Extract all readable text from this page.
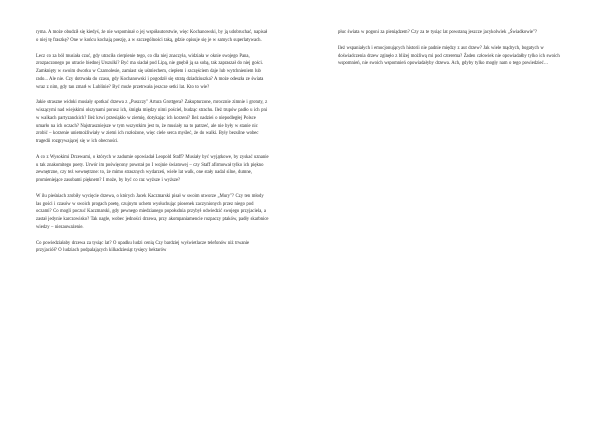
ryma. A może obudził się kiedyś, że nie wspominał o jej współautorstwie, więc Kochanowski, by ją udobruchać, napisał o niej tę fraszkę? One w końcu kochają poezję, a w szczególności taką, gdzie opisuje się je w samych superlatywach.

Lecz co za ból musiała czuć, gdy utraciła cierpienie tego, co dla niej znaczyła, widziała w oknie swojego Pana, zrozpaczonego po utracie biednej Urszulki? Być ma siadał pod Lipą, nie gnębił ją sa sobą, tak zapraszał do niej gości. Zamknięty w swoim dworku w Czarnolesie, zamiast się uśmiechem, ciepłem i szczęściem daje lub wytchnieniem lub rado... Ale nie. Czy dotrwała do czasu, gdy Kochanowski i pogodził się stratą dziadziuszka? A może odeszła ze świata wraz z nim, gdy tan zmarł w Lublinie? Być może przetrwała jeszcze setki lat. Kto to wie?

Jakie straszne widoki musiały spotkać drzewa z „Puszczy" Artura Grottgera? Zakupturzone, mrocznie zimnie i grotuty, z wiszącymi nad wiejskimi olszynami porusz ich, śmigła między nimi pościel, budząc strachu. Ileż trupów padło u ich pni w walkach partyzanckich? Ileż krwi przesiąkło w ziemię, dotykając ich korzeni? Ileż nadziei o niepodległej Polsce umarło na ich oczach? Najstraszniejsze w tym wszystkim jest to, że musiały na to patrzeć, ale nie były w stanie nic zrobić – korzenie uniemożliwiały w ziemi ich rozłożone, więc ciele serca myśleć, że do walki. Były bezsilne wobec tragedii rozgrywającej się w ich obecności.

A co z Wysokimi Drzewami, o których w zadumie opowiadał Leopold Staff? Musiały być wyjątkowe, by zyskać uznanie u tak znakomitego poety. Urwór im poświęcony powstał po I wojnie światowej – czy Staff afirmował tylko ich piękno zewnętrzne, czy też wewnętrzne: to, że mimo strasznych wydarzeń, wiele lat walk, one stały nadal silne, dumne, promieniejące zasobami pięknem? I może, by być co raz wyższe i wyższe?

W ilu pieśniach zrobiły wycięcie drzewa, o których Jacek Kaczmarski pisał w swoim utworze „Mury"? Czy ten młody las gości i czasów w swoich progach poetę, czujnym uchem wysłuchując piosenek zaczynionych przez niego pod oczami? Co mogli poczuć Kaczmarski, gdy pewnego miedzianego popołudnia przybył odwiedzić swojego przyjaciela, a zastał jedynie karczowisko? Tak nagle, wobec jedności drzewa, przy akompaniamencie rozpaczy ptaków, padły skarbnice wiedzy – niezauważenie.

Co powiedziałaby drzewa za tysiąc lat? O upadku ludzi cenią Czy bardziej wyświetlacze telefonów niż trwanie przyjaciół? O ludziach podpalających kilkadziesiąt tysięcy hektarów

płuc świata w pogoni za pieniądzem? Czy za te tysiąc lat powstaną jeszcze jacykolwiek „Świadkowie"?

Ileż wspaniałych i emocjonujących historii nie padnie między z aut drzew? Jak wiele mądrych, bogatych w doświadczenia drzew zginęło z bliżej możliwą mi pod czterema? Żaden człowiek nie opowiadałby tylko ich swoich wspomnień, nie swoich wspomnień opowiadałyby drzewa. Ach, gdyby tylko mogły nam o tego powiedzieć…
